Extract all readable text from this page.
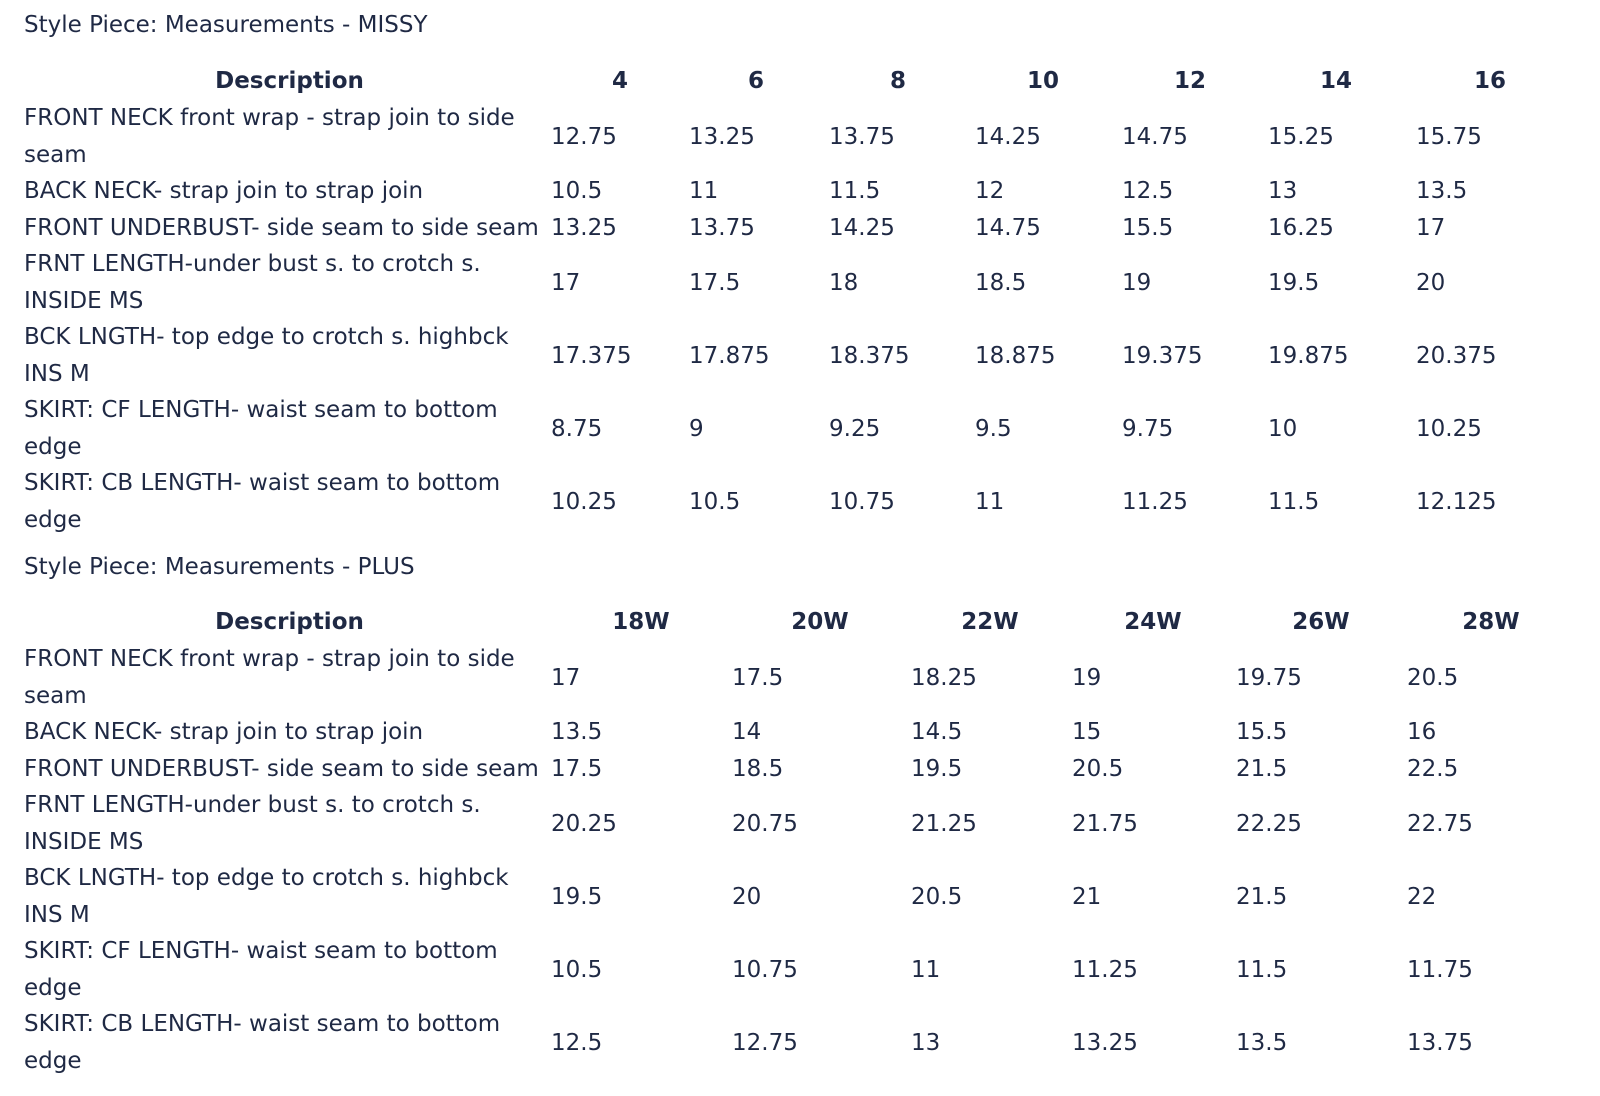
Style Piece: Measurements - MISSY
Description	4	6	8	10	12	14	16
FRONT NECK front wrap - strap join to side seam
12.75	13.25	13.75	14.25	14.75	15.25	15.75
BACK NECK- strap join to strap join	10.5	11	11.5	12	12.5	13	13.5
FRONT UNDERBUST- side seam to side seam 13.25	13.75	14.25	14.75	15.5	16.25	17
FRNT LENGTH-under bust s. to crotch s. INSIDE MS
17	17.5	18	18.5	19	19.5	20
BCK LNGTH- top edge to crotch s. highbck INS M
17.375	17.875	18.375	18.875	19.375	19.875	20.375
SKIRT: CF LENGTH- waist seam to bottom edge
8.75	9	9.25	9.5	9.75	10	10.25
SKIRT: CB LENGTH- waist seam to bottom edge
10.25	10.5	10.75	11	11.25	11.5	12.125
Style Piece: Measurements - PLUS
Description	18W	20W	22W	24W	26W	28W
FRONT NECK front wrap - strap join to side seam
17	17.5	18.25	19	19.75	20.5
BACK NECK- strap join to strap join	13.5	14	14.5	15	15.5	16
FRONT UNDERBUST- side seam to side seam 17.5	18.5	19.5	20.5	21.5	22.5
FRNT LENGTH-under bust s. to crotch s. INSIDE MS
20.25	20.75	21.25	21.75	22.25	22.75
BCK LNGTH- top edge to crotch s. highbck INS M
19.5	20	20.5	21	21.5	22
SKIRT: CF LENGTH- waist seam to bottom edge
10.5	10.75	11	11.25	11.5	11.75
SKIRT: CB LENGTH- waist seam to bottom edge
12.5	12.75	13	13.25	13.5	13.75
